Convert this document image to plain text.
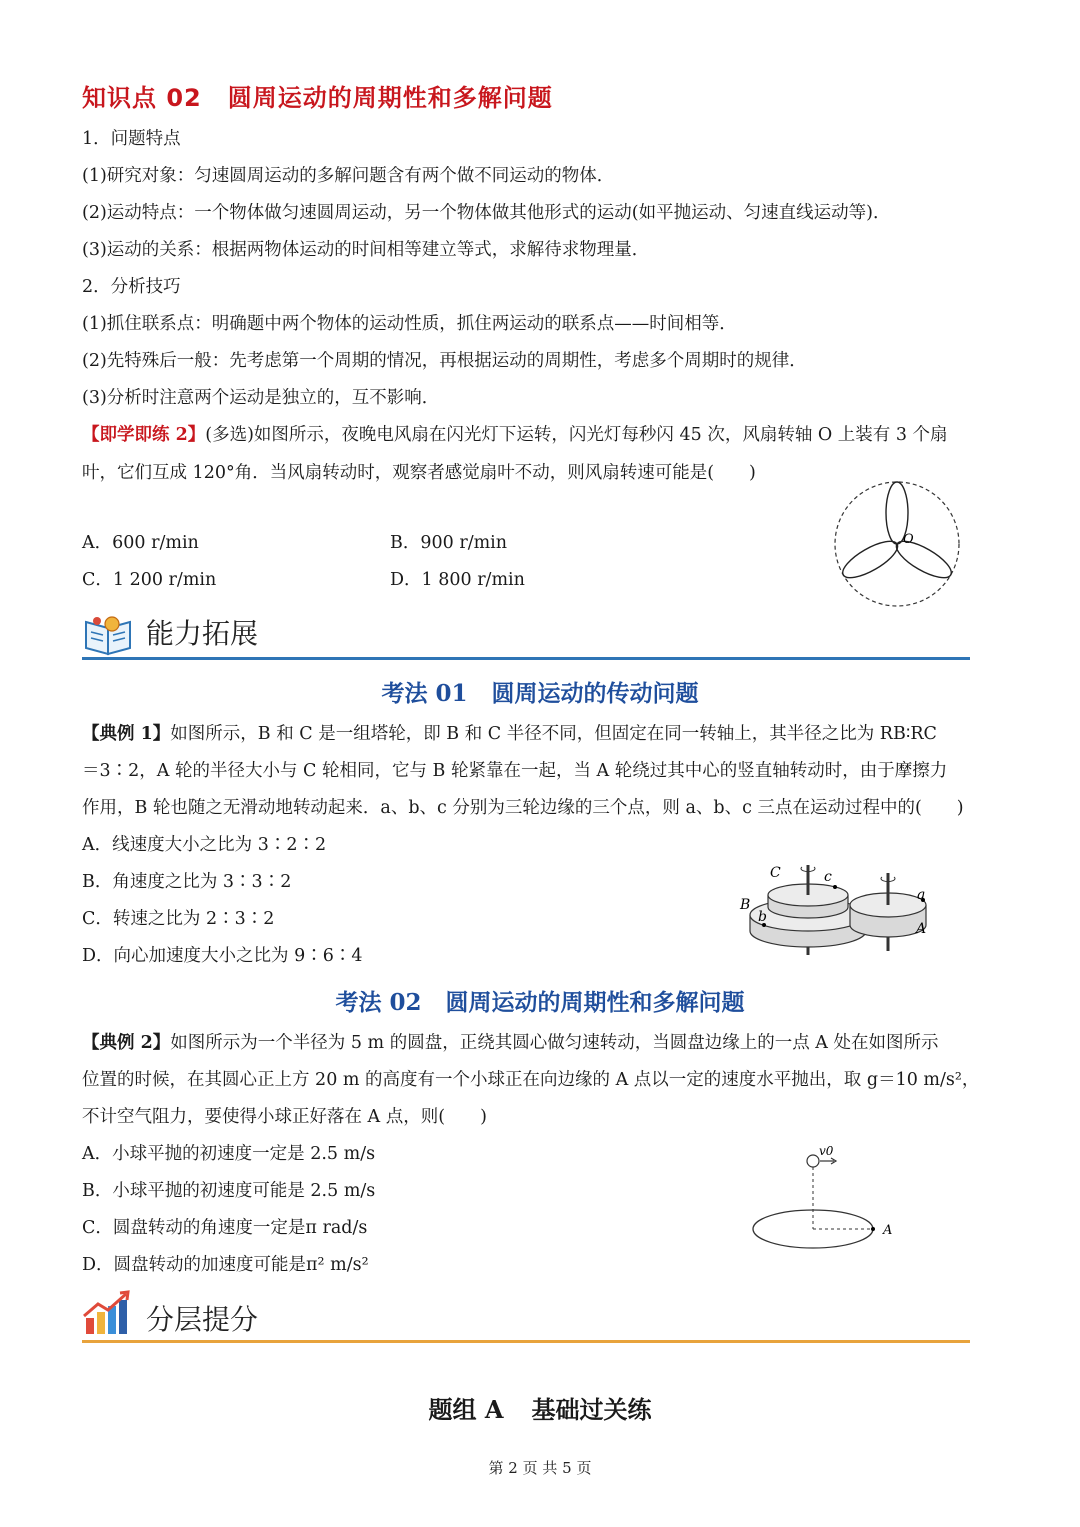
知识点 02 圆周运动的周期性和多解问题
1．问题特点
(1)研究对象：匀速圆周运动的多解问题含有两个做不同运动的物体．
(2)运动特点：一个物体做匀速圆周运动，另一个物体做其他形式的运动(如平抛运动、匀速直线运动等)．
(3)运动的关系：根据两物体运动的时间相等建立等式，求解待求物理量．
2．分析技巧
(1)抓住联系点：明确题中两个物体的运动性质，抓住两运动的联系点——时间相等．
(2)先特殊后一般：先考虑第一个周期的情况，再根据运动的周期性，考虑多个周期时的规律．
(3)分析时注意两个运动是独立的，互不影响．
【即学即练 2】(多选)如图所示，夜晚电风扇在闪光灯下运转，闪光灯每秒闪 45 次，风扇转轴 O 上装有 3 个扇
叶，它们互成 120°角．当风扇转动时，观察者感觉扇叶不动，则风扇转速可能是(　　)
A．600 r/min	B．900 r/min
C．1 200 r/min	D．1 800 r/min
O
能力拓展
考法 01 圆周运动的传动问题
【典例 1】如图所示，B 和 C 是一组塔轮，即 B 和 C 半径不同，但固定在同一转轴上，其半径之比为 RB∶RC
＝3∶2，A 轮的半径大小与 C 轮相同，它与 B 轮紧靠在一起，当 A 轮绕过其中心的竖直轴转动时，由于摩擦力
作用，B 轮也随之无滑动地转动起来．a、b、c 分别为三轮边缘的三个点，则 a、b、c 三点在运动过程中的(　　)
A．线速度大小之比为 3∶2∶2
B．角速度之比为 3∶3∶2
C．转速之比为 2∶3∶2
D．向心加速度大小之比为 9∶6∶4
C	c
B
b
a
A
考法 02 圆周运动的周期性和多解问题
【典例 2】如图所示为一个半径为 5 m 的圆盘，正绕其圆心做匀速转动，当圆盘边缘上的一点 A 处在如图所示
位置的时候，在其圆心正上方 20 m 的高度有一个小球正在向边缘的 A 点以一定的速度水平抛出，取 g＝10 m/s²，
不计空气阻力，要使得小球正好落在 A 点，则(　　)
A．小球平抛的初速度一定是 2.5 m/s
B．小球平抛的初速度可能是 2.5 m/s
C．圆盘转动的角速度一定是π rad/s
D．圆盘转动的加速度可能是π² m/s²
v0
A
分层提分
题组 A 基础过关练
第 2 页 共 5 页
